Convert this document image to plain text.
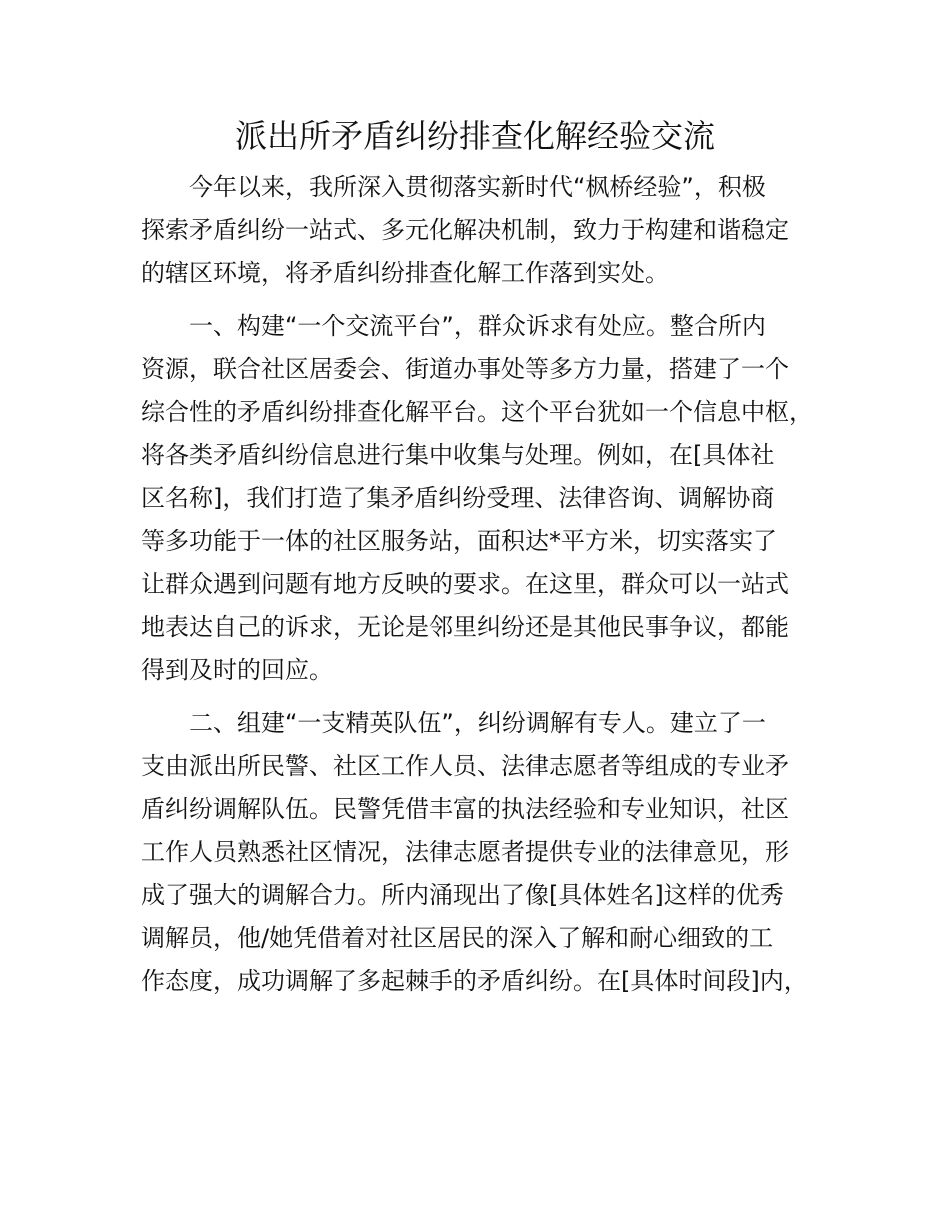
派出所矛盾纠纷排查化解经验交流

今年以来，我所深入贯彻落实新时代“枫桥经验”，积极

探索矛盾纠纷一站式、多元化解决机制，致力于构建和谐稳定

的辖区环境，将矛盾纠纷排查化解工作落到实处。

一、构建“一个交流平台”，群众诉求有处应。整合所内

资源，联合社区居委会、街道办事处等多方力量，搭建了一个

综合性的矛盾纠纷排查化解平台。这个平台犹如一个信息中枢，

将各类矛盾纠纷信息进行集中收集与处理。例如，在[具体社

区名称]，我们打造了集矛盾纠纷受理、法律咨询、调解协商

等多功能于一体的社区服务站，面积达*平方米，切实落实了

让群众遇到问题有地方反映的要求。在这里，群众可以一站式

地表达自己的诉求，无论是邻里纠纷还是其他民事争议，都能

得到及时的回应。

二、组建“一支精英队伍”，纠纷调解有专人。建立了一

支由派出所民警、社区工作人员、法律志愿者等组成的专业矛

盾纠纷调解队伍。民警凭借丰富的执法经验和专业知识，社区

工作人员熟悉社区情况，法律志愿者提供专业的法律意见，形

成了强大的调解合力。所内涌现出了像[具体姓名]这样的优秀

调解员，他/她凭借着对社区居民的深入了解和耐心细致的工

作态度，成功调解了多起棘手的矛盾纠纷。在[具体时间段]内，
